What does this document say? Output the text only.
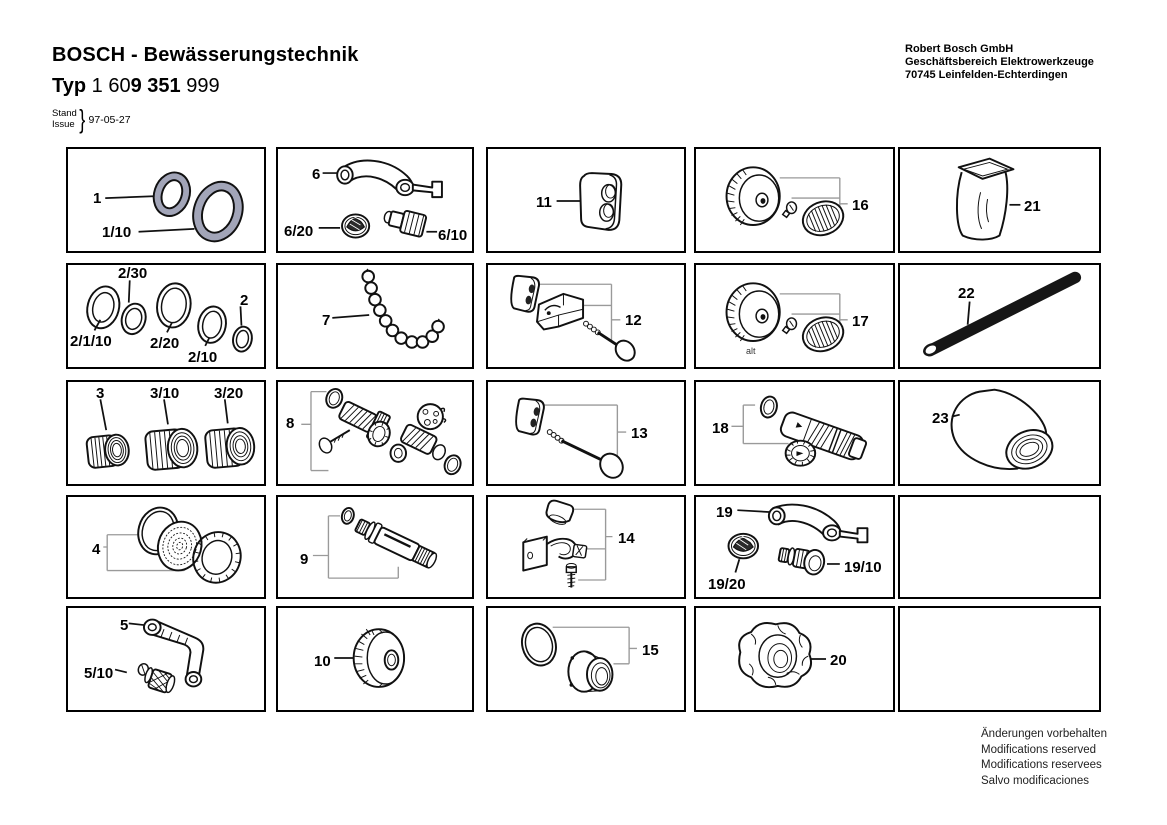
BOSCH - Bewässerungstechnik
Typ 1 609 351 999
Stand
Issue } 97-05-27
Robert Bosch GmbH
Geschäftsbereich Elektrowerkzeuge
70745 Leinfelden-Echterdingen
Änderungen vorbehalten
Modifications reserved
Modifications reservees
Salvo modificaciones
1
1/10
6
6/20	6/10
11	16	21
2/30
2
2/1/10	2/20
2/10
7	12	17
alt
22
3	3/10 3/20
8
13	18
23
4
9
14
19
19/20
19/10
5
5/10
10
15
20
